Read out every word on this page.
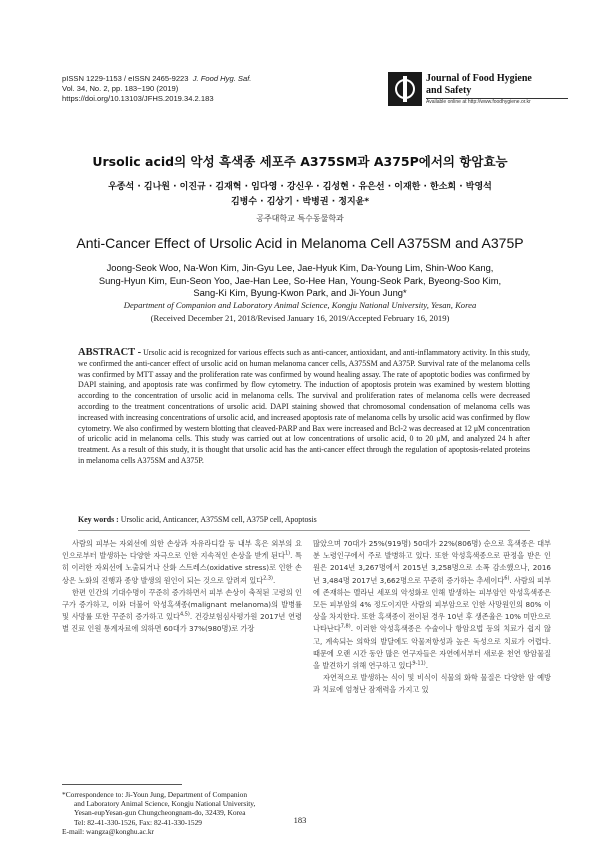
pISSN 1229-1153 / eISSN 2465-9223 J. Food Hyg. Saf.
Vol. 34, No. 2, pp. 183~190 (2019)
https://doi.org/10.13103/JFHS.2019.34.2.183
Journal of Food Hygiene
and Safety
Available online at http://www.foodhygiene.or.kr
Ursolic acid의 악성 흑색종 세포주 A375SM과 A375P에서의 항암효능
우종석 · 김나원 · 이진규 · 김재혁 · 임다영 · 강신우 · 김성현 · 유은선 · 이재한 · 한소희 · 박영석
김병수 · 김상기 · 박병권 · 정지윤*
공주대학교 특수동물학과
Anti-Cancer Effect of Ursolic Acid in Melanoma Cell A375SM and A375P
Joong-Seok Woo, Na-Won Kim, Jin-Gyu Lee, Jae-Hyuk Kim, Da-Young Lim, Shin-Woo Kang,
Sung-Hyun Kim, Eun-Seon Yoo, Jae-Han Lee, So-Hee Han, Young-Seok Park, Byeong-Soo Kim,
Sang-Ki Kim, Byung-Kwon Park, and Ji-Youn Jung*
Department of Companion and Laboratory Animal Science, Kongju National University, Yesan, Korea
(Received December 21, 2018/Revised January 16, 2019/Accepted February 16, 2019)
ABSTRACT - Ursolic acid is recognized for various effects such as anti-cancer, antioxidant, and anti-inflammatory activity. In this study, we confirmed the anti-cancer effect of ursolic acid on human melanoma cancer cells, A375SM and A375P. Survival rate of the melanoma cells was confirmed by MTT assay and the proliferation rate was confirmed by wound healing assay. The rate of apoptotic bodies was confirmed by DAPI staining, and apoptosis rate was confirmed by flow cytometry. The induction of apoptosis protein was examined by western blotting according to the concentration of ursolic acid in melanoma cells. The survival and proliferation rates of melanoma cells were decreased according to the treatment concentrations of ursolic acid. DAPI staining showed that chromosomal condensation of melanoma cells was increased with increasing concentrations of ursolic acid, and increased apoptosis rate of melanoma cells by ursolic acid was confirmed by flow cytometry. We also confirmed by western blotting that cleaved-PARP and Bax were increased and Bcl-2 was decreased at 12 μM concentration of uricolic acid in melanoma cells. This study was carried out at low concentrations of ursolic acid, 0 to 20 μM, and analyzed 24 h after treatment. As a result of this study, it is thought that ursolic acid has the anti-cancer effect through the regulation of apoptosis-related proteins in melanoma cells A375SM and A375P.
Key words : Ursolic acid, Anticancer, A375SM cell, A375P cell, Apoptosis

사람의 피부는 자외선에 의한 손상과 자유라디칼 등 내부 혹은 외부의 요인으로부터 발생하는 다양한 자극으로 인한 지속적인 손상을 받게 된다$^{1)}$. 특히 이러한 자외선에 노출되거나 산화 스트레스(oxidative stress)로 인한 손상은 노화의 진행과 종양 발생의 원인이 되는 것으로 알려져 있다$^{2,3)}$.

한편 인간의 기대수명이 꾸준히 증가하면서 피부 손상이 축적된 고령의 인구가 증가하고, 이와 더불어 악성흑색종(malignant melanoma)의 발병률 및 사망률 또한 꾸준히 증가하고 있다$^{4,5)}$. 건강보험심사평가원 2017년 연령별 진료 인원 통계자료에 의하면 60대가 37%(980명)로 가장

많았으며 70대가 25%(919명) 50대가 22%(806명) 순으로 흑색종은 대부분 노령인구에서 주로 발병하고 있다. 또한 악성흑색종으로 판정을 받은 인원은 2014년 3,267명에서 2015년 3,258명으로 소폭 감소했으나, 2016년 3,484명 2017년 3,662명으로 꾸준히 증가하는 추세이다$^{6)}$. 사람의 피부에 존재하는 멜라닌 세포의 악성화로 인해 발생하는 피부암인 악성흑색종은 모든 피부암의 4% 정도이지만 사람의 피부암으로 인한 사망원인의 80% 이상을 차지한다. 또한 흑색종이 전이된 경우 10년 후 생존율은 10% 미만으로 나타난다$^{7,8)}$. 이러한 악성흑색종은 수술이나 항암요법 등의 치료가 쉽지 않고, 계속되는 의학의 발달에도 악물저항성과 높은 독성으로 치료가 어렵다. 때문에 오랜 시간 동안 많은 연구자들은 자연에서부터 새로운 천연 항암물질을 발견하기 위해 연구하고 있다$^{9-11)}$.

자연적으로 발생하는 식이 및 비식이 식물의 화학 물질은 다양한 암 예방과 치료에 엄청난 잠재력을 가지고 있

*Correspondence to: Ji-Youn Jung, Department of Companion
and Laboratory Animal Science, Kongju National University,
Yesan-eupYesan-gun Chungcheongnam-do, 32439, Korea
Tel: 82-41-330-1526, Fax: 82-41-330-1529
E-mail: wangza@konghu.ac.kr
183
